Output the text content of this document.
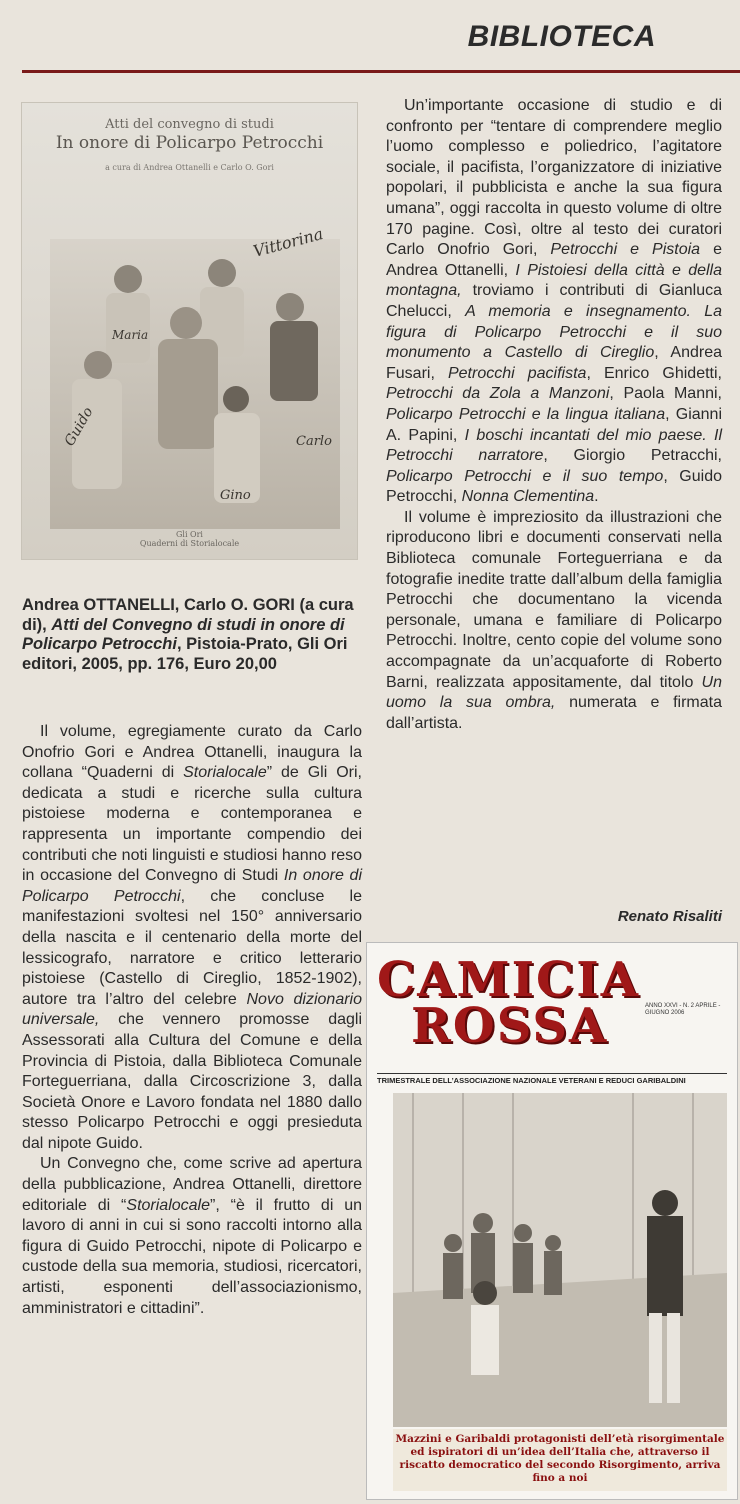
BIBLIOTECA
Atti del convegno di studi
In onore di Policarpo Petrocchi
a cura di Andrea Ottanelli e Carlo O. Gori
Vittorina
Maria
Guido	Carlo
Gino
Gli Ori
Quaderni di Storialocale
Andrea OTTANELLI, Carlo O. GORI (a cura di), Atti del Convegno di studi in onore di Policarpo Petrocchi, Pistoia-Prato, Gli Ori editori, 2005, pp. 176, Euro 20,00

Il volume, egregiamente curato da Carlo Onofrio Gori e Andrea Ottanelli, inaugura la collana “Quaderni di Storialocale” de Gli Ori, dedicata a studi e ricerche sulla cultura pistoiese moderna e contemporanea e rappresenta un importante compendio dei contributi che noti linguisti e studiosi hanno reso in occasione del Convegno di Studi In onore di Policarpo Petrocchi, che concluse le manifestazioni svoltesi nel 150° anniversario della nascita e il centenario della morte del lessicografo, narratore e critico letterario pistoiese (Castello di Cireglio, 1852-1902), autore tra l’altro del celebre Novo dizionario universale, che vennero promosse dagli Assessorati alla Cultura del Comune e della Provincia di Pistoia, dalla Biblioteca Comunale Forteguerriana, dalla Circoscrizione 3, dalla Società Onore e Lavoro fondata nel 1880 dallo stesso Policarpo Petrocchi e oggi presieduta dal nipote Guido.

Un Convegno che, come scrive ad apertura della pubblicazione, Andrea Ottanelli, direttore editoriale di “Storialocale”, “è il frutto di un lavoro di anni in cui si sono raccolti intorno alla figura di Guido Petrocchi, nipote di Policarpo e custode della sua memoria, studiosi, ricercatori, artisti, esponenti dell’associazionismo, amministratori e cittadini”.

Un’importante occasione di studio e di confronto per “tentare di comprendere meglio l’uomo complesso e poliedrico, l’agitatore sociale, il pacifista, l’organizzatore di iniziative popolari, il pubblicista e anche la sua figura umana”, oggi raccolta in questo volume di oltre 170 pagine. Così, oltre al testo dei curatori Carlo Onofrio Gori, Petrocchi e Pistoia e Andrea Ottanelli, I Pistoiesi della città e della montagna, troviamo i contributi di Gianluca Chelucci, A memoria e insegnamento. La figura di Policarpo Petrocchi e il suo monumento a Castello di Cireglio, Andrea Fusari, Petrocchi pacifista, Enrico Ghidetti, Petrocchi da Zola a Manzoni, Paola Manni, Policarpo Petrocchi e la lingua italiana, Gianni A. Papini, I boschi incantati del mio paese. Il Petrocchi narratore, Giorgio Petracchi, Policarpo Petrocchi e il suo tempo, Guido Petrocchi, Nonna Clementina.

Il volume è impreziosito da illustrazioni che riproducono libri e documenti conservati nella Biblioteca comunale Forteguerriana e da fotografie inedite tratte dall’album della famiglia Petrocchi che documentano la vicenda personale, umana e familiare di Policarpo Petrocchi. Inoltre, cento copie del volume sono accompagnate da un’acquaforte di Roberto Barni, realizzata appositamente, dal titolo Un uomo la sua ombra, numerata e firmata dall’artista.

Renato Risaliti
CAMICIA
ROSSA	ANNO XXVI - N. 2 APRILE - GIUGNO 2006
TRIMESTRALE DELL’ASSOCIAZIONE NAZIONALE VETERANI E REDUCI GARIBALDINI
Mazzini e Garibaldi protagonisti dell’età risorgimentale ed ispiratori di un’idea dell’Italia che, attraverso il riscatto democratico del secondo Risorgimento, arriva fino a noi
